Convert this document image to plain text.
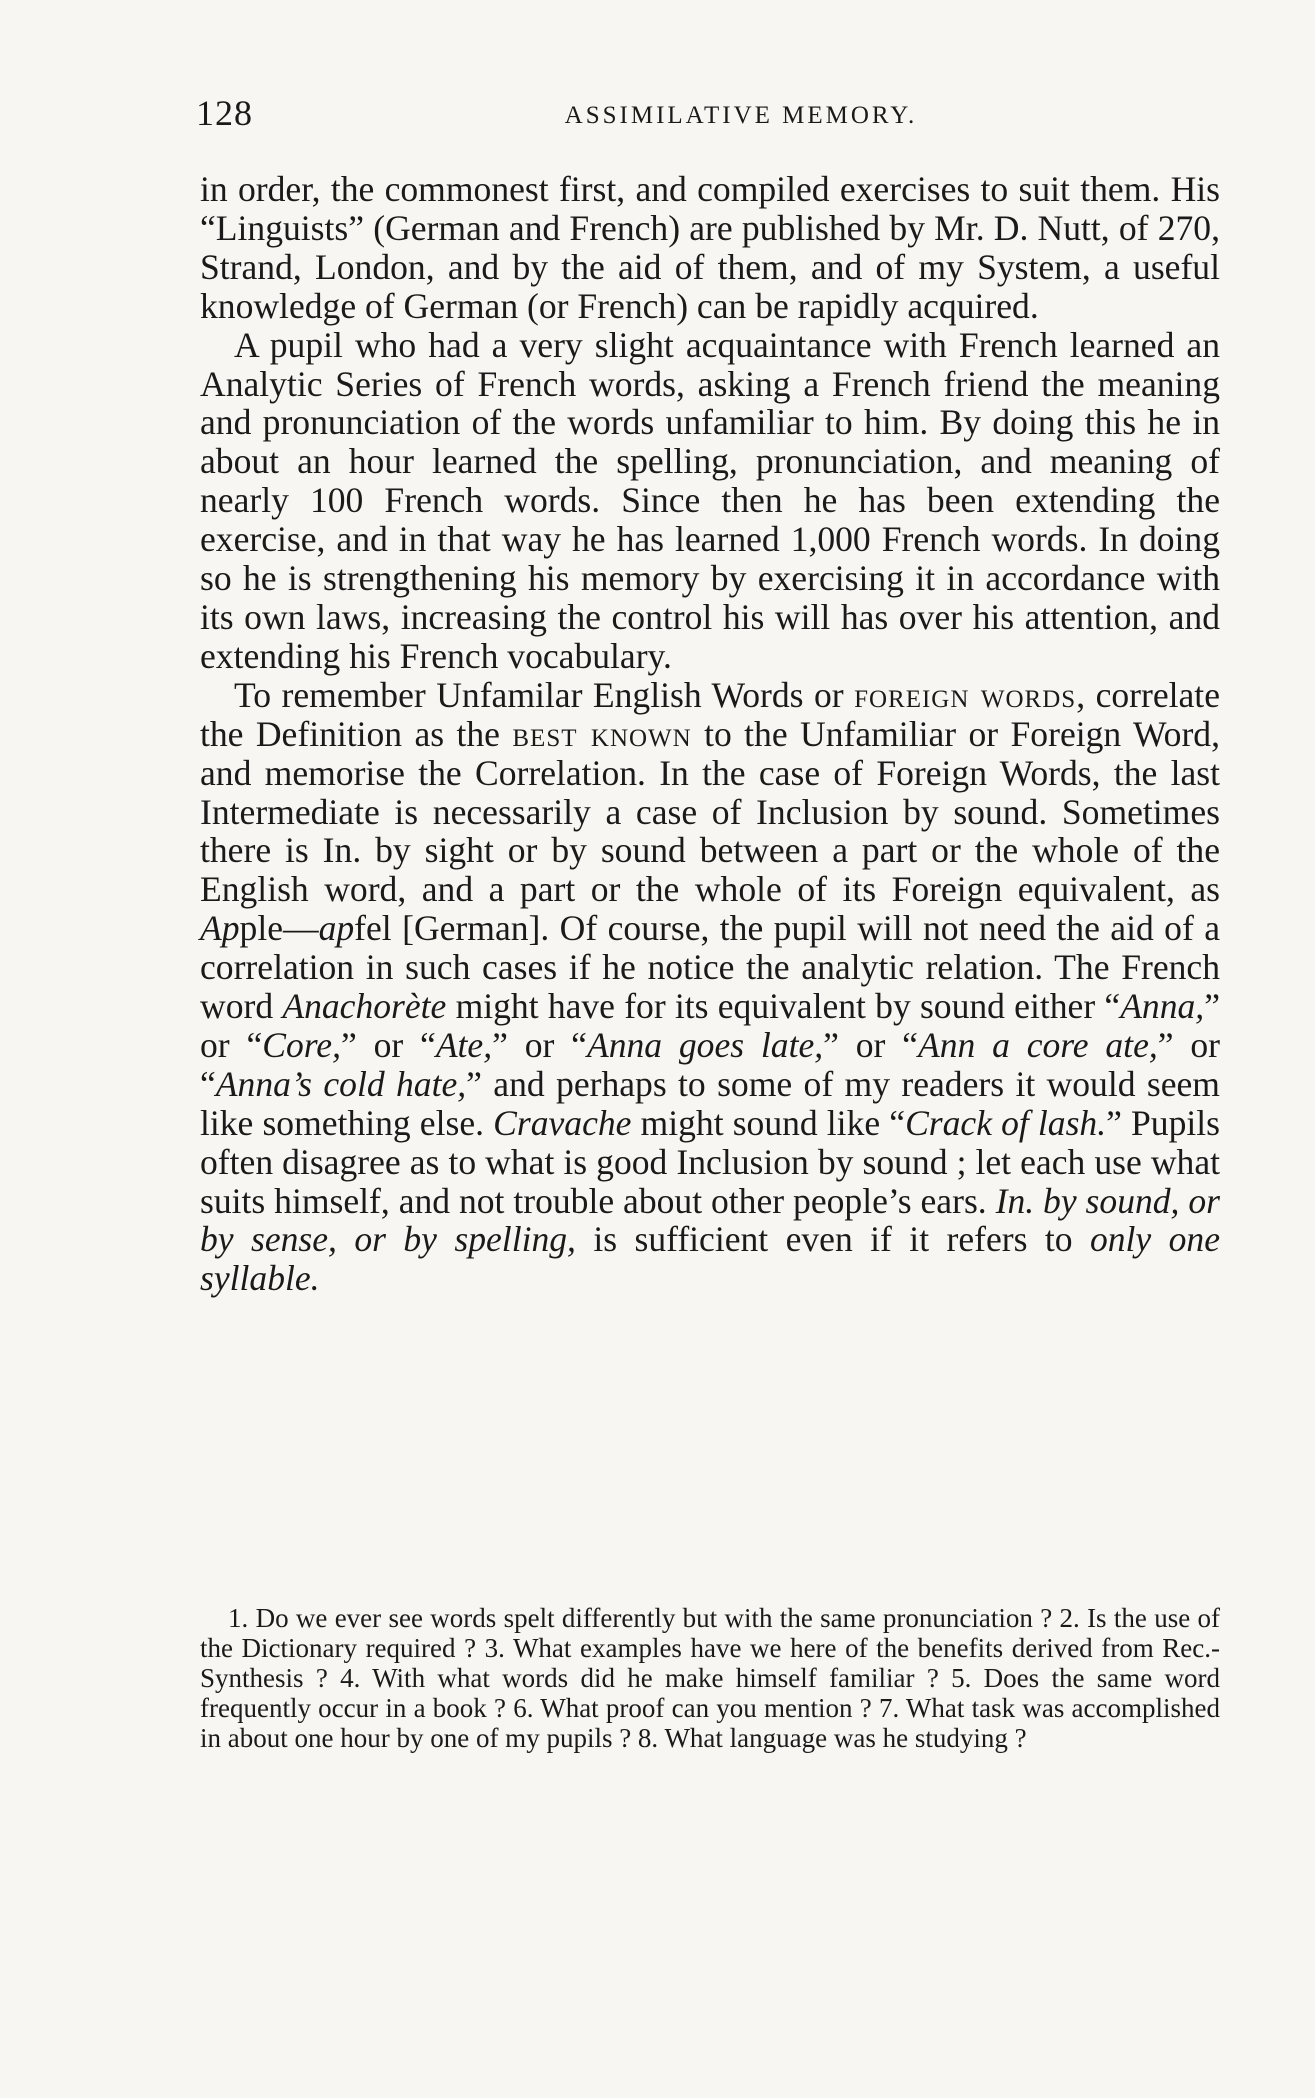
128	ASSIMILATIVE MEMORY.

in order, the commonest first, and compiled exercises to suit them. His “Linguists” (German and French) are published by Mr. D. Nutt, of 270, Strand, London, and by the aid of them, and of my System, a useful knowledge of German (or French) can be rapidly acquired.

A pupil who had a very slight acquaintance with French learned an Analytic Series of French words, asking a French friend the meaning and pronunciation of the words unfamiliar to him. By doing this he in about an hour learned the spelling, pronunciation, and meaning of nearly 100 French words. Since then he has been extending the exercise, and in that way he has learned 1,000 French words. In doing so he is strengthening his memory by exercising it in accordance with its own laws, increasing the control his will has over his attention, and extending his French vocabulary.

To remember Unfamilar English Words or foreign words, correlate the Definition as the best known to the Unfamiliar or Foreign Word, and memorise the Correlation. In the case of Foreign Words, the last Intermediate is necessarily a case of Inclusion by sound. Sometimes there is In. by sight or by sound between a part or the whole of the English word, and a part or the whole of its Foreign equivalent, as Apple—apfel [German]. Of course, the pupil will not need the aid of a correlation in such cases if he notice the analytic relation. The French word Anachorète might have for its equivalent by sound either “Anna,” or “Core,” or “Ate,” or “Anna goes late,” or “Ann a core ate,” or “Anna’s cold hate,” and perhaps to some of my readers it would seem like something else. Cravache might sound like “Crack of lash.” Pupils often disagree as to what is good Inclusion by sound ; let each use what suits himself, and not trouble about other people’s ears. In. by sound, or by sense, or by spelling, is sufficient even if it refers to only one syllable.

1. Do we ever see words spelt differently but with the same pronunciation ? 2. Is the use of the Dictionary required ? 3. What examples have we here of the benefits derived from Rec.-Synthesis ? 4. With what words did he make himself familiar ? 5. Does the same word frequently occur in a book ? 6. What proof can you mention ? 7. What task was accomplished in about one hour by one of my pupils ? 8. What language was he studying ?
